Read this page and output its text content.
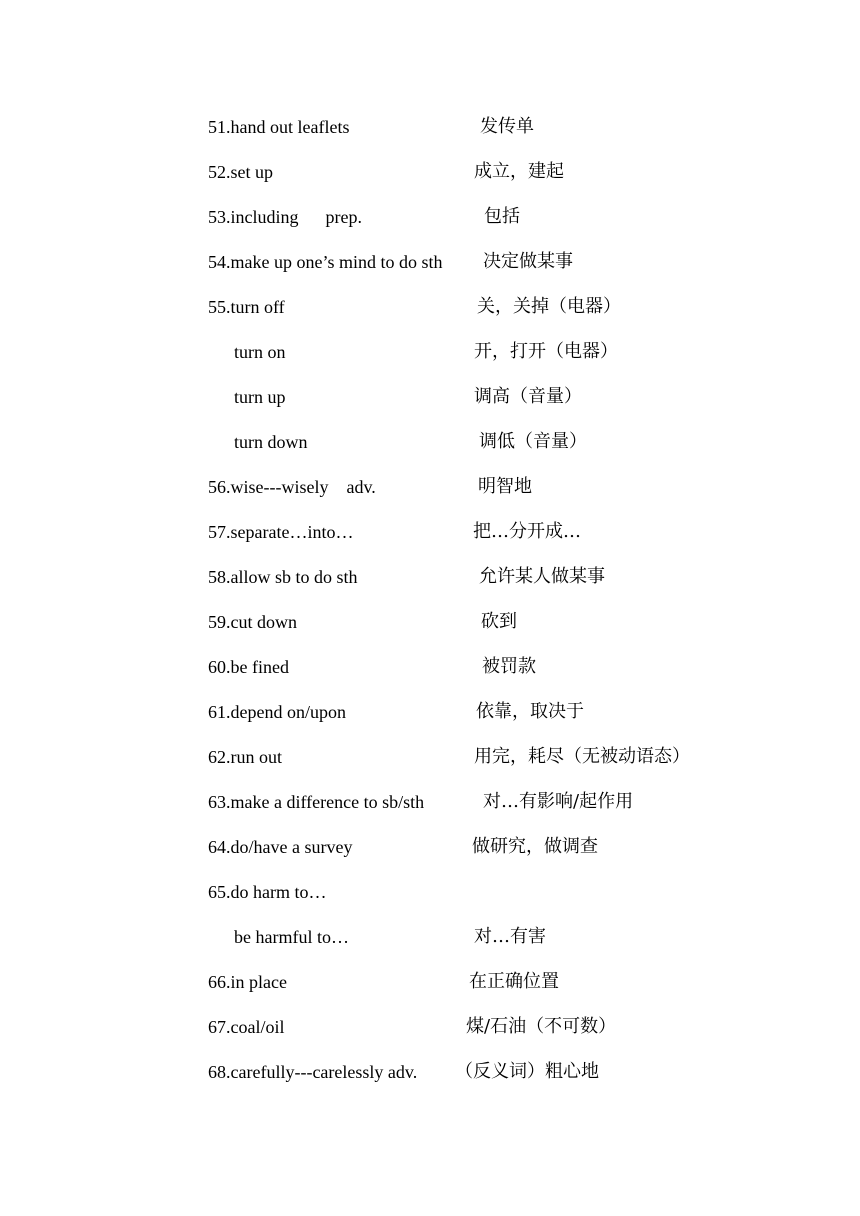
51.hand out leaflets	发传单
52.set up	成立，建起
53.including      prep.	包括
54.make up one’s mind to do sth 决定做某事
55.turn off	关，关掉（电器）
turn on	开，打开（电器）
turn up	调高（音量）
turn down	调低（音量）
56.wise---wisely    adv.	明智地
57.separate…into…	把…分开成…
58.allow sb to do sth	允许某人做某事
59.cut down	砍到
60.be fined	被罚款
61.depend on/upon	依靠，取决于
62.run out	用完，耗尽（无被动语态）
63.make a difference to sb/sth	对…有影响/起作用
64.do/have a survey	做研究，做调查
65.do harm to…
be harmful to…	对…有害
66.in place	在正确位置
67.coal/oil	煤/石油（不可数）
68.carefully---carelessly adv. （反义词）粗心地
